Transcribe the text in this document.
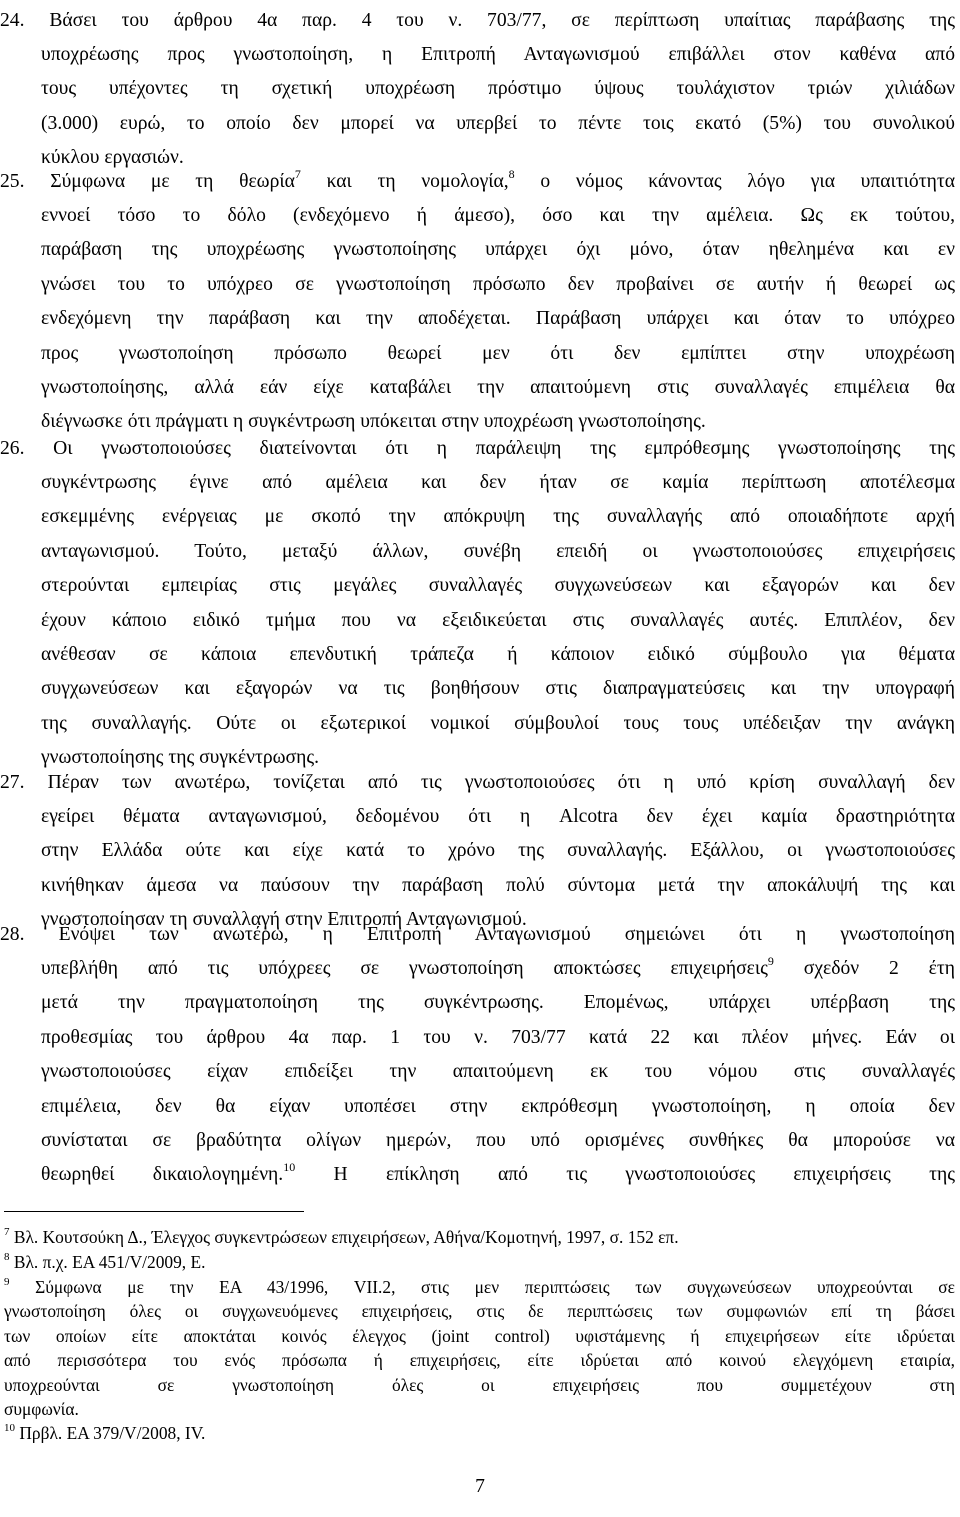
24. Βάσει του άρθρου 4α παρ. 4 του ν. 703/77, σε περίπτωση υπαίτιας παράβασης της
υποχρέωσης προς γνωστοποίηση, η Επιτροπή Ανταγωνισμού επιβάλλει στον καθένα από
τους υπέχοντες τη σχετική υποχρέωση πρόστιμο ύψους τουλάχιστον τριών χιλιάδων
(3.000) ευρώ, το οποίο δεν μπορεί να υπερβεί το πέντε τοις εκατό (5%) του συνολικού
κύκλου εργασιών.
25. Σύμφωνα με τη θεωρία$^7$ και τη νομολογία,$^8$ ο νόμος κάνοντας λόγο για υπαιτιότητα
εννοεί τόσο το δόλο (ενδεχόμενο ή άμεσο), όσο και την αμέλεια. Ως εκ τούτου,
παράβαση της υποχρέωσης γνωστοποίησης υπάρχει όχι μόνο, όταν ηθελημένα και εν
γνώσει του το υπόχρεο σε γνωστοποίηση πρόσωπο δεν προβαίνει σε αυτήν ή θεωρεί ως
ενδεχόμενη την παράβαση και την αποδέχεται. Παράβαση υπάρχει και όταν το υπόχρεο
προς γνωστοποίηση πρόσωπο θεωρεί μεν ότι δεν εμπίπτει στην υποχρέωση
γνωστοποίησης, αλλά εάν είχε καταβάλει την απαιτούμενη στις συναλλαγές επιμέλεια θα
διέγνωσκε ότι πράγματι η συγκέντρωση υπόκειται στην υποχρέωση γνωστοποίησης.
26. Οι γνωστοποιούσες διατείνονται ότι η παράλειψη της εμπρόθεσμης γνωστοποίησης της
συγκέντρωσης έγινε από αμέλεια και δεν ήταν σε καμία περίπτωση αποτέλεσμα
εσκεμμένης ενέργειας με σκοπό την απόκρυψη της συναλλαγής από οποιαδήποτε αρχή
ανταγωνισμού. Τούτο, μεταξύ άλλων, συνέβη επειδή οι γνωστοποιούσες επιχειρήσεις
στερούνται εμπειρίας στις μεγάλες συναλλαγές συγχωνεύσεων και εξαγορών και δεν
έχουν κάποιο ειδικό τμήμα που να εξειδικεύεται στις συναλλαγές αυτές. Επιπλέον, δεν
ανέθεσαν σε κάποια επενδυτική τράπεζα ή κάποιον ειδικό σύμβουλο για θέματα
συγχωνεύσεων και εξαγορών να τις βοηθήσουν στις διαπραγματεύσεις και την υπογραφή
της συναλλαγής. Ούτε οι εξωτερικοί νομικοί σύμβουλοί τους τους υπέδειξαν την ανάγκη
γνωστοποίησης της συγκέντρωσης.
27. Πέραν των ανωτέρω, τονίζεται από τις γνωστοποιούσες ότι η υπό κρίση συναλλαγή δεν
εγείρει θέματα ανταγωνισμού, δεδομένου ότι η Alcotra δεν έχει καμία δραστηριότητα
στην Ελλάδα ούτε και είχε κατά το χρόνο της συναλλαγής. Εξάλλου, οι γνωστοποιούσες
κινήθηκαν άμεσα να παύσουν την παράβαση πολύ σύντομα μετά την αποκάλυψή της και
γνωστοποίησαν τη συναλλαγή στην Επιτροπή Ανταγωνισμού.
28. Ενόψει των ανωτέρω, η Επιτροπή Ανταγωνισμού σημειώνει ότι η γνωστοποίηση
υπεβλήθη από τις υπόχρεες σε γνωστοποίηση αποκτώσες επιχειρήσεις$^9$ σχεδόν 2 έτη
μετά την πραγματοποίηση της συγκέντρωσης. Επομένως, υπάρχει υπέρβαση της
προθεσμίας του άρθρου 4α παρ. 1 του ν. 703/77 κατά 22 και πλέον μήνες. Εάν οι
γνωστοποιούσες είχαν επιδείξει την απαιτούμενη εκ του νόμου στις συναλλαγές
επιμέλεια, δεν θα είχαν υποπέσει στην εκπρόθεσμη γνωστοποίηση, η οποία δεν
συνίσταται σε βραδύτητα ολίγων ημερών, που υπό ορισμένες συνθήκες θα μπορούσε να
θεωρηθεί δικαιολογημένη.$^{10}$ Η επίκληση από τις γνωστοποιούσες επιχειρήσεις της
$^7$ Βλ. Κουτσούκη Δ., Έλεγχος συγκεντρώσεων επιχειρήσεων, Αθήνα/Κομοτηνή, 1997, σ. 152 επ.
$^8$ Βλ. π.χ. ΕΑ 451/V/2009, Ε.
$^9$ Σύμφωνα με την ΕΑ 43/1996, VII.2, στις μεν περιπτώσεις των συγχωνεύσεων υποχρεούνται σε
γνωστοποίηση όλες οι συγχωνευόμενες επιχειρήσεις, στις δε περιπτώσεις των συμφωνιών επί τη βάσει
των οποίων είτε αποκτάται κοινός έλεγχος (joint control) υφιστάμενης ή επιχειρήσεων είτε ιδρύεται
από περισσότερα του ενός πρόσωπα ή επιχειρήσεις, είτε ιδρύεται από κοινού ελεγχόμενη εταιρία,
υποχρεούνται σε γνωστοποίηση όλες οι επιχειρήσεις που συμμετέχουν στη
συμφωνία.
$^{10}$ Πρβλ. ΕΑ 379/V/2008, IV.
7
